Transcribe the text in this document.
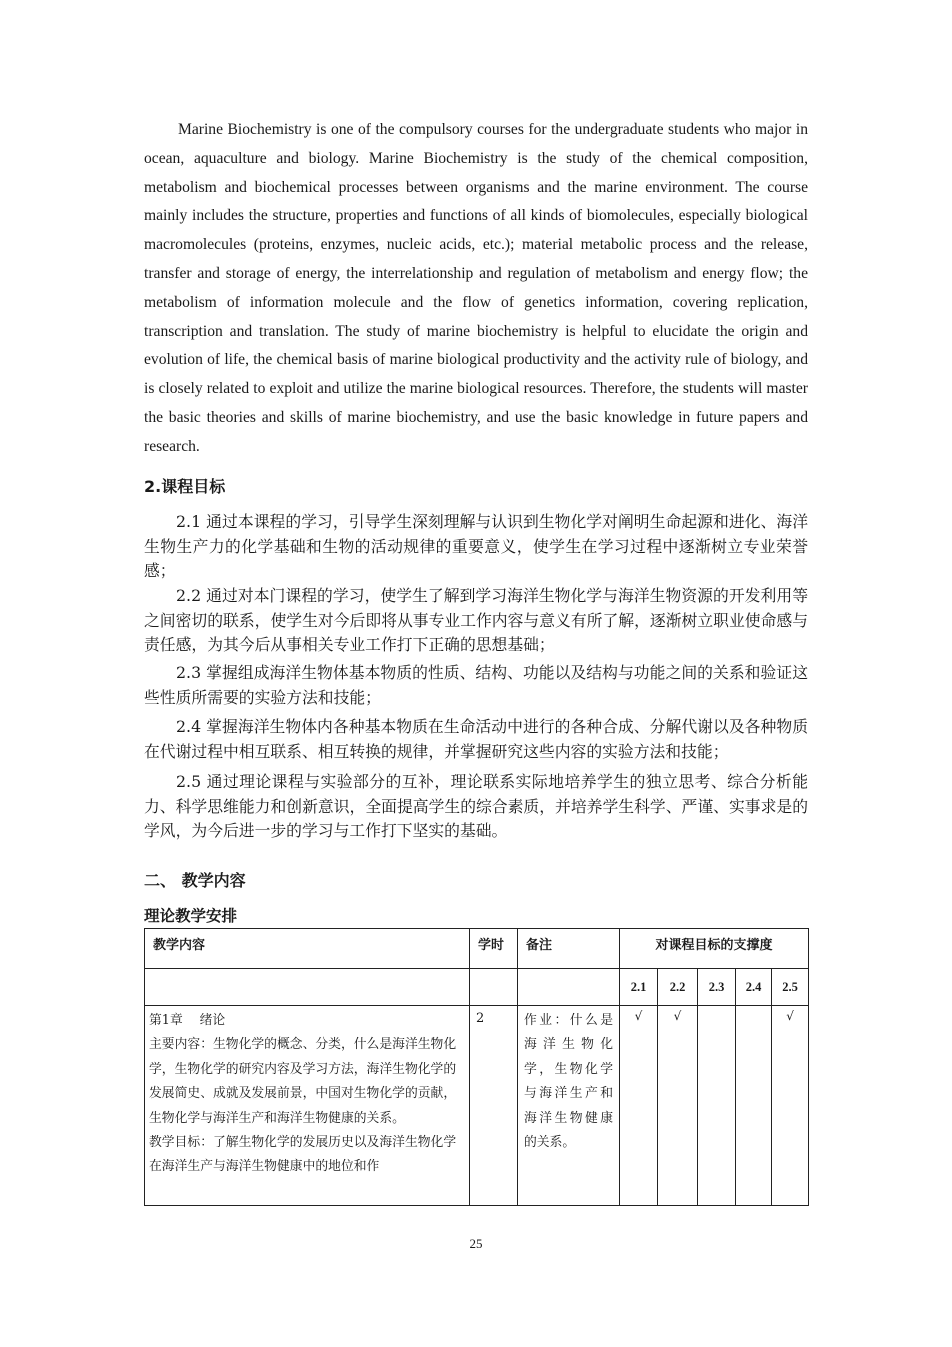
Marine Biochemistry is one of the compulsory courses for the undergraduate students who major in ocean, aquaculture and biology. Marine Biochemistry is the study of the chemical composition, metabolism and biochemical processes between organisms and the marine environment. The course mainly includes the structure, properties and functions of all kinds of biomolecules, especially biological macromolecules (proteins, enzymes, nucleic acids, etc.); material metabolic process and the release, transfer and storage of energy, the interrelationship and regulation of metabolism and energy flow; the metabolism of information molecule and the flow of genetics information, covering replication, transcription and translation. The study of marine biochemistry is helpful to elucidate the origin and evolution of life, the chemical basis of marine biological productivity and the activity rule of biology, and is closely related to exploit and utilize the marine biological resources. Therefore, the students will master the basic theories and skills of marine biochemistry, and use the basic knowledge in future papers and research.

2.课程目标

2.1 通过本课程的学习，引导学生深刻理解与认识到生物化学对阐明生命起源和进化、海洋生物生产力的化学基础和生物的活动规律的重要意义，使学生在学习过程中逐渐树立专业荣誉感；

2.2 通过对本门课程的学习，使学生了解到学习海洋生物化学与海洋生物资源的开发利用等之间密切的联系，使学生对今后即将从事专业工作内容与意义有所了解，逐渐树立职业使命感与责任感，为其今后从事相关专业工作打下正确的思想基础；

2.3 掌握组成海洋生物体基本物质的性质、结构、功能以及结构与功能之间的关系和验证这些性质所需要的实验方法和技能；

2.4 掌握海洋生物体内各种基本物质在生命活动中进行的各种合成、分解代谢以及各种物质在代谢过程中相互联系、相互转换的规律，并掌握研究这些内容的实验方法和技能；

2.5 通过理论课程与实验部分的互补，理论联系实际地培养学生的独立思考、综合分析能力、科学思维能力和创新意识，全面提高学生的综合素质，并培养学生科学、严谨、实事求是的学风，为今后进一步的学习与工作打下坚实的基础。

二、 教学内容
理论教学安排
教学内容	学时	备注	对课程目标的支撑度				
			2.1	2.2	2.3	2.4	2.5
第1章　 绪论
主要内容：生物化学的概念、分类，什么是海洋生物化学，生物化学的研究内容及学习方法，海洋生物化学的发展简史、成就及发展前景，中国对生物化学的贡献，生物化学与海洋生产和海洋生物健康的关系。
教学目标：了解生物化学的发展历史以及海洋生物化学在海洋生产与海洋生物健康中的地位和作	2	作业：什么是海洋生物化学，生物化学与海洋生产和海洋生物健康的关系。	√	√			√
25
